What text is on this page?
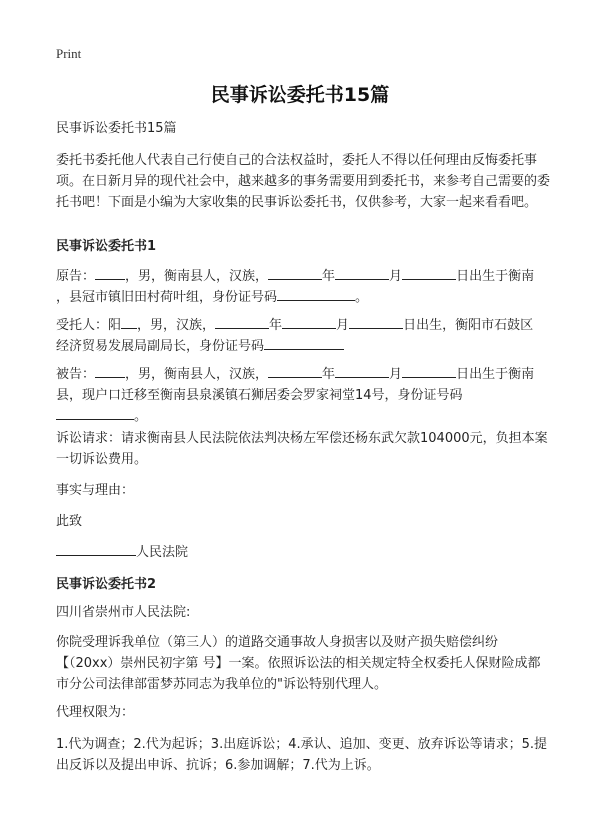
Print
民事诉讼委托书15篇

民事诉讼委托书15篇

委托书委托他人代表自己行使自己的合法权益时，委托人不得以任何理由反悔委托事项。在日新月异的现代社会中，越来越多的事务需要用到委托书，来参考自己需要的委托书吧！下面是小编为大家收集的民事诉讼委托书，仅供参考，大家一起来看看吧。

民事诉讼委托书1

原告： ，男，衡南县人，汉族，	年	月	日出生于衡南
，县冠市镇旧田村荷叶组，身份证号码	。

受托人：阳 ，男，汉族，	年	月	日出生，衡阳市石鼓区
经济贸易发展局副局长，身份证号码

被告： ，男，衡南县人，汉族，	年	月	日出生于衡南
县，现户口迁移至衡南县泉溪镇石狮居委会罗家祠堂14号，身份证号码
。

诉讼请求：请求衡南县人民法院依法判决杨左军偿还杨东武欠款104000元，负担本案一切诉讼费用。

事实与理由：

此致

人民法院

民事诉讼委托书2

四川省崇州市人民法院:

你院受理诉我单位（第三人）的道路交通事故人身损害以及财产损失赔偿纠纷【（20xx）崇州民初字第 号】一案。依照诉讼法的相关规定特全权委托人保财险成都市分公司法律部雷梦苏同志为我单位的"诉讼特别代理人。

代理权限为：

1.代为调查；2.代为起诉；3.出庭诉讼；4.承认、追加、变更、放弃诉讼等请求；5.提出反诉以及提出申诉、抗诉；6.参加调解；7.代为上诉。
